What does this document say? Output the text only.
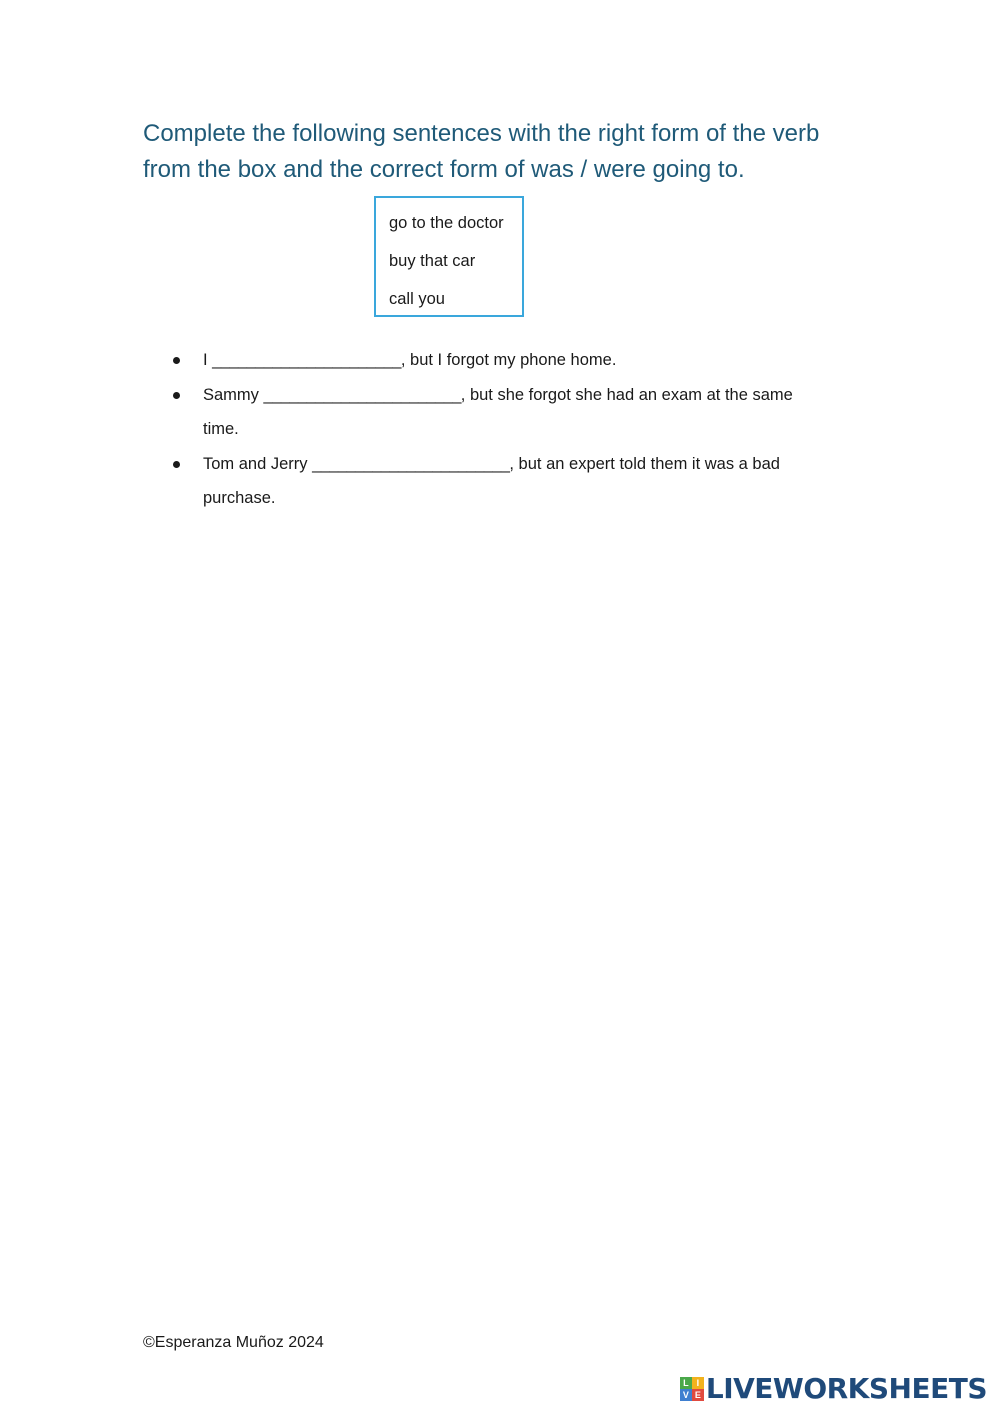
Complete the following sentences with the right form of the verb from the box and the correct form of was / were going to.
go to the doctor
buy that car
call you
I ______________________, but I forgot my phone home.
Sammy _______________________, but she forgot she had an exam at the same time.
Tom and Jerry _______________________, but an expert told them it was a bad purchase.
©Esperanza Muñoz 2024
L I
V E LIVEWORKSHEETS
